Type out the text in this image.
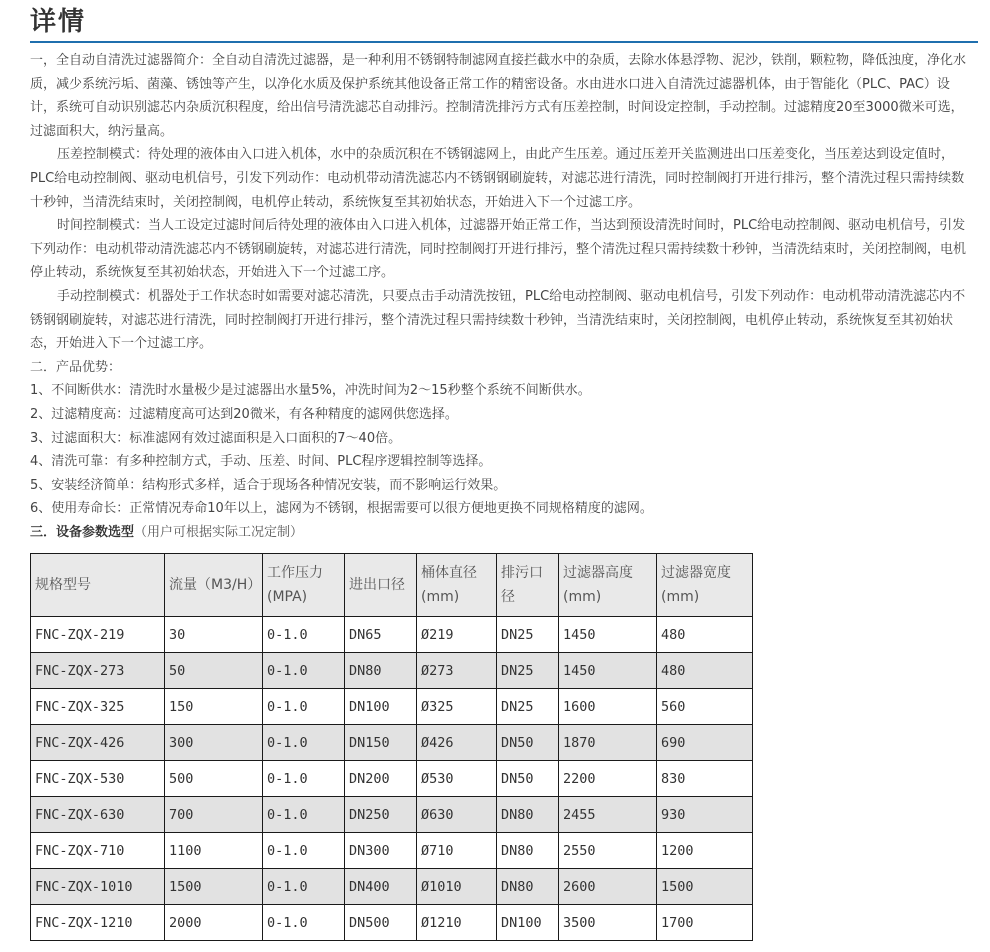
详情

一，全自动自清洗过滤器简介：全自动自清洗过滤器，是一种利用不锈钢特制滤网直接拦截水中的杂质，去除水体悬浮物、泥沙，铁削，颗粒物，降低浊度，净化水质，减少系统污垢、菌藻、锈蚀等产生，以净化水质及保护系统其他设备正常工作的精密设备。水由进水口进入自清洗过滤器机体，由于智能化（PLC、PAC）设计，系统可自动识别滤芯内杂质沉积程度，给出信号清洗滤芯自动排污。控制清洗排污方式有压差控制，时间设定控制，手动控制。过滤精度20至3000微米可选，过滤面积大，纳污量高。

压差控制模式：待处理的液体由入口进入机体，水中的杂质沉积在不锈钢滤网上，由此产生压差。通过压差开关监测进出口压差变化，当压差达到设定值时，PLC给电动控制阀、驱动电机信号，引发下列动作：电动机带动清洗滤芯内不锈钢钢刷旋转，对滤芯进行清洗，同时控制阀打开进行排污，整个清洗过程只需持续数十秒钟，当清洗结束时，关闭控制阀，电机停止转动，系统恢复至其初始状态，开始进入下一个过滤工序。

时间控制模式：当人工设定过滤时间后待处理的液体由入口进入机体，过滤器开始正常工作，当达到预设清洗时间时，PLC给电动控制阀、驱动电机信号，引发下列动作：电动机带动清洗滤芯内不锈钢刷旋转，对滤芯进行清洗，同时控制阀打开进行排污，整个清洗过程只需持续数十秒钟，当清洗结束时，关闭控制阀，电机停止转动，系统恢复至其初始状态，开始进入下一个过滤工序。

手动控制模式：机器处于工作状态时如需要对滤芯清洗，只要点击手动清洗按钮，PLC给电动控制阀、驱动电机信号，引发下列动作：电动机带动清洗滤芯内不锈钢钢刷旋转，对滤芯进行清洗，同时控制阀打开进行排污，整个清洗过程只需持续数十秒钟，当清洗结束时，关闭控制阀，电机停止转动，系统恢复至其初始状态，开始进入下一个过滤工序。

二．产品优势：

1、不间断供水：清洗时水量极少是过滤器出水量5%，冲洗时间为2～15秒整个系统不间断供水。

2、过滤精度高：过滤精度高可达到20微米，有各种精度的滤网供您选择。

3、过滤面积大：标准滤网有效过滤面积是入口面积的7～40倍。

4、清洗可靠：有多种控制方式，手动、压差、时间、PLC程序逻辑控制等选择。

5、安装经济简单：结构形式多样，适合于现场各种情况安装，而不影响运行效果。

6、使用寿命长：正常情况寿命10年以上，滤网为不锈钢，根据需要可以很方便地更换不同规格精度的滤网。

三．设备参数选型（用户可根据实际工况定制）

规格型号	流量（M3/H）	工作压力(MPA)	进出口径	桶体直径(mm)	排污口径	过滤器高度(mm)	过滤器宽度(mm)
FNC-ZQX-219	30	0-1.0	DN65	Ø219	DN25	1450	480
FNC-ZQX-273	50	0-1.0	DN80	Ø273	DN25	1450	480
FNC-ZQX-325	150	0-1.0	DN100	Ø325	DN25	1600	560
FNC-ZQX-426	300	0-1.0	DN150	Ø426	DN50	1870	690
FNC-ZQX-530	500	0-1.0	DN200	Ø530	DN50	2200	830
FNC-ZQX-630	700	0-1.0	DN250	Ø630	DN80	2455	930
FNC-ZQX-710	1100	0-1.0	DN300	Ø710	DN80	2550	1200
FNC-ZQX-1010	1500	0-1.0	DN400	Ø1010	DN80	2600	1500
FNC-ZQX-1210	2000	0-1.0	DN500	Ø1210	DN100	3500	1700
